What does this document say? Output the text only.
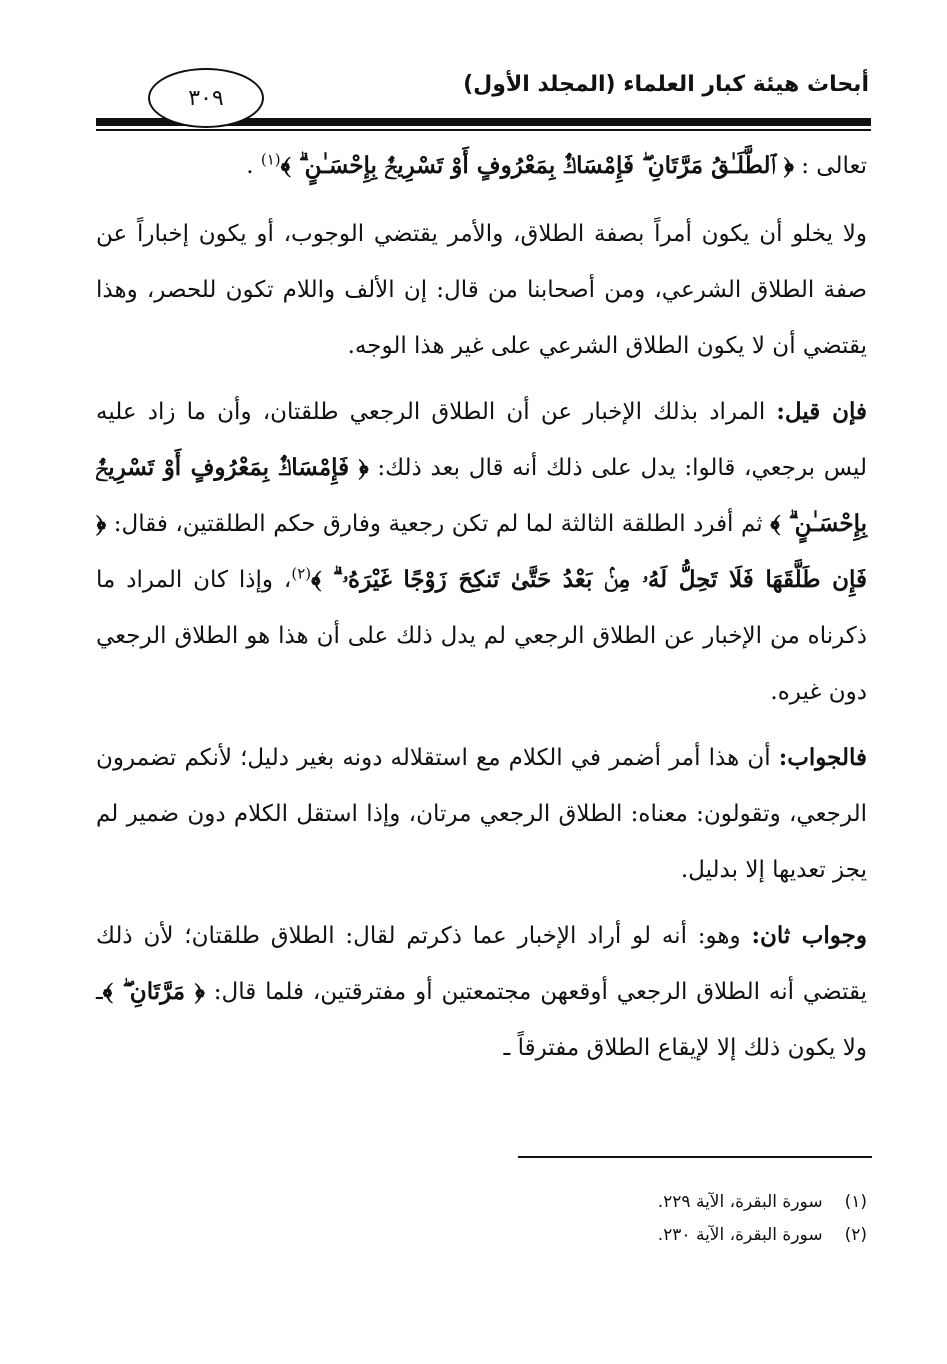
أبحاث هيئة كبار العلماء (المجلد الأول)
٣٠٩

تعالى : ﴿ ٱلطَّلَـٰقُ مَرَّتَانِ ۖ فَإِمْسَاكٌۢ بِمَعْرُوفٍ أَوْ تَسْرِيحٌۢ بِإِحْسَـٰنٍ ۗ ﴾$^{(١)}$ .

ولا يخلو أن يكون أمراً بصفة الطلاق، والأمر يقتضي الوجوب، أو يكون إخباراً عن صفة الطلاق الشرعي، ومن أصحابنا من قال: إن الألف واللام تكون للحصر، وهذا يقتضي أن لا يكون الطلاق الشرعي على غير هذا الوجه.

فإن قيل: المراد بذلك الإخبار عن أن الطلاق الرجعي طلقتان، وأن ما زاد عليه ليس برجعي، قالوا: يدل على ذلك أنه قال بعد ذلك: ﴿ فَإِمْسَاكٌۢ بِمَعْرُوفٍ أَوْ تَسْرِيحٌۢ بِإِحْسَـٰنٍ ۗ ﴾ ثم أفرد الطلقة الثالثة لما لم تكن رجعية وفارق حكم الطلقتين، فقال: ﴿ فَإِن طَلَّقَهَا فَلَا تَحِلُّ لَهُۥ مِنۢ بَعْدُ حَتَّىٰ تَنكِحَ زَوْجًا غَيْرَهُۥ ۗ ﴾$^{(٢)}$، وإذا كان المراد ما ذكرناه من الإخبار عن الطلاق الرجعي لم يدل ذلك على أن هذا هو الطلاق الرجعي دون غيره.

فالجواب: أن هذا أمر أضمر في الكلام مع استقلاله دونه بغير دليل؛ لأنكم تضمرون الرجعي، وتقولون: معناه: الطلاق الرجعي مرتان، وإذا استقل الكلام دون ضمير لم يجز تعديها إلا بدليل.

وجواب ثان: وهو: أنه لو أراد الإخبار عما ذكرتم لقال: الطلاق طلقتان؛ لأن ذلك يقتضي أنه الطلاق الرجعي أوقعهن مجتمعتين أو مفترقتين، فلما قال: ﴿ مَرَّتَانِ ۖ ﴾ـ ولا يكون ذلك إلا لإيقاع الطلاق مفترقاً ـ

(١)
سورة البقرة، الآية ٢٢٩.
(٢)
سورة البقرة، الآية ٢٣٠.
